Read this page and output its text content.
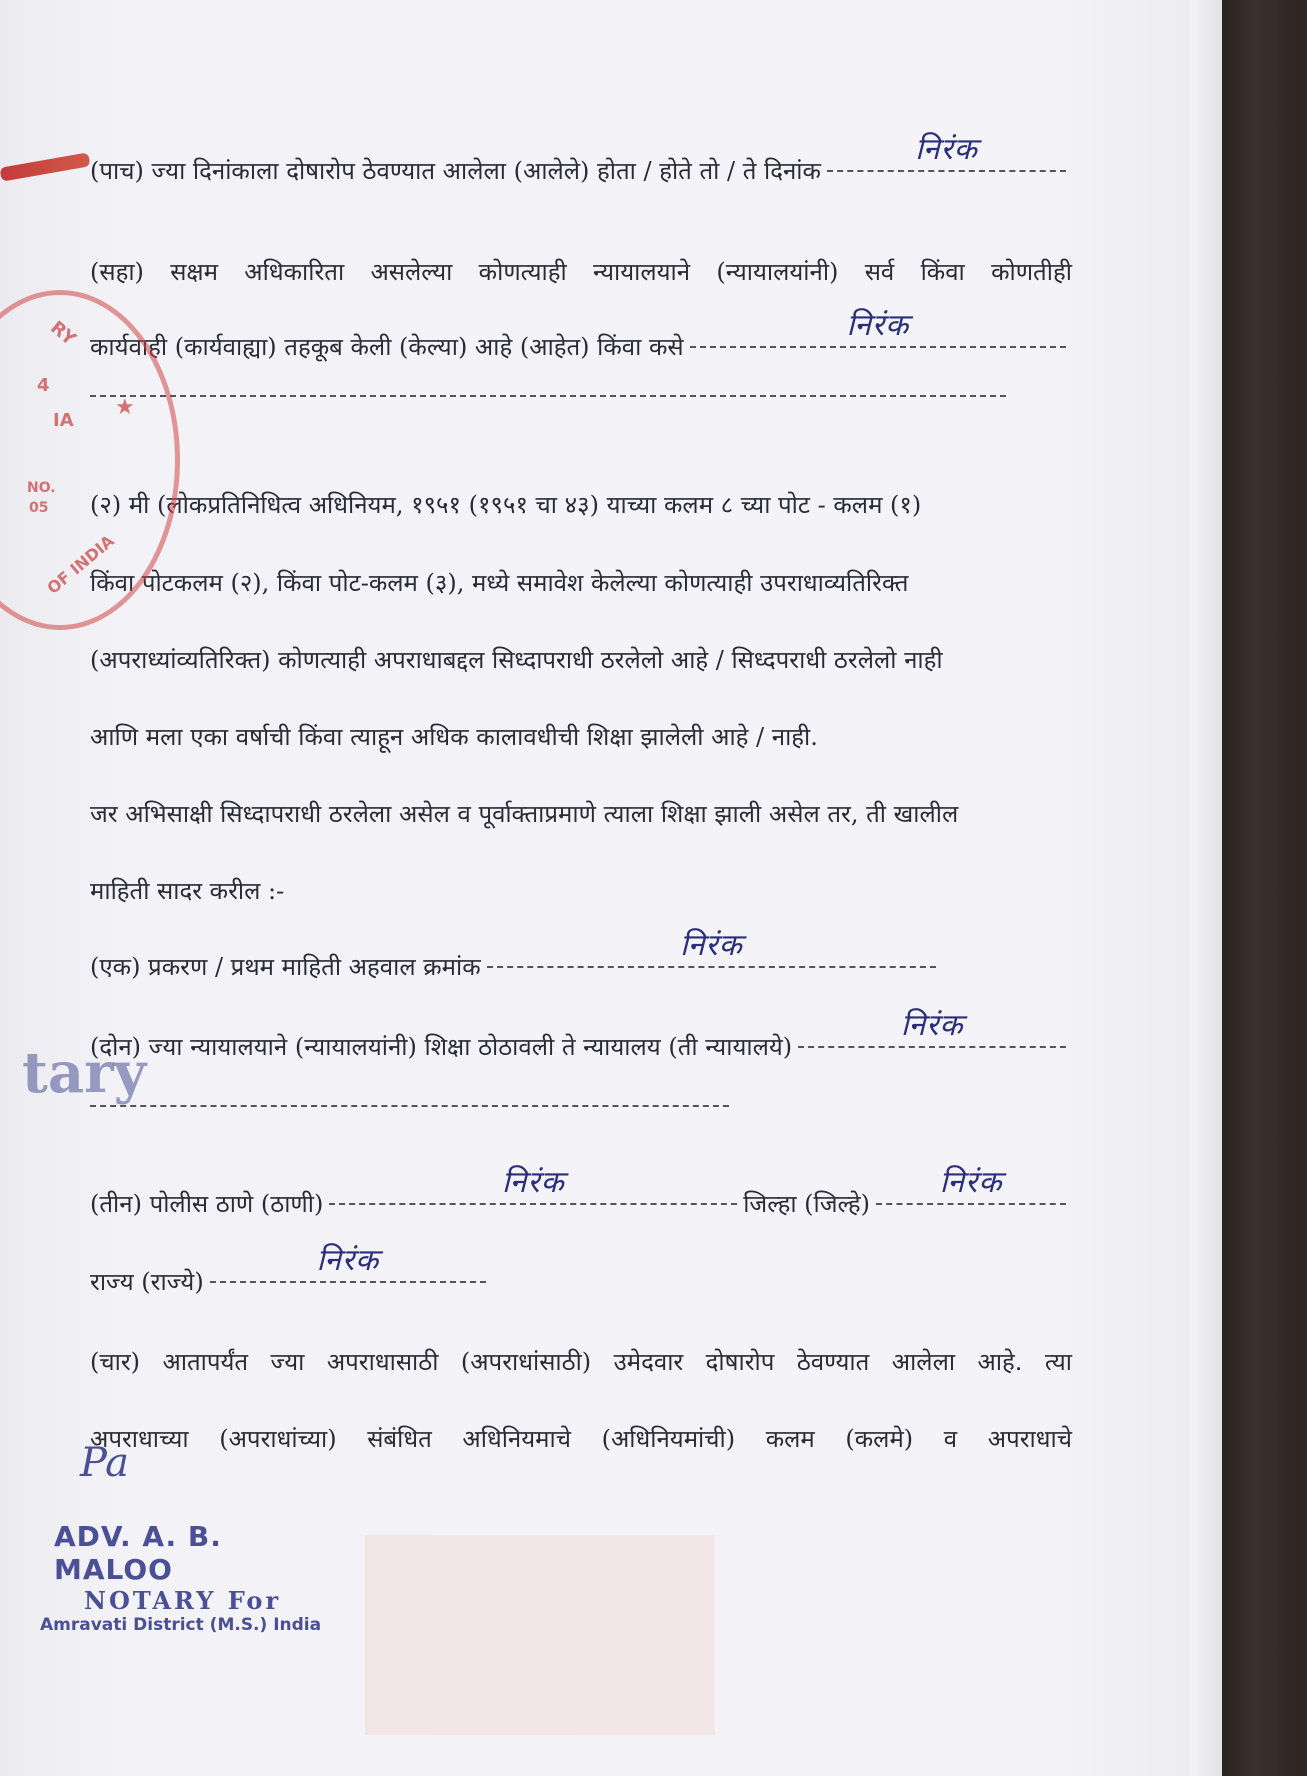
(पाच) ज्या दिनांकाला दोषारोप ठेवण्यात आलेला (आलेले) होता / होते तो / ते दिनांक
निरंक
(सहा) सक्षम अधिकारिता असलेल्या कोणत्याही न्यायालयाने (न्यायालयांनी) सर्व किंवा कोणतीही
कार्यवाही (कार्यवाह्या) तहकूब केली (केल्या) आहे (आहेत) किंवा कसे
निरंक
(२) मी (लोकप्रतिनिधित्व अधिनियम, १९५१ (१९५१ चा ४३) याच्या कलम ८ च्या पोट - कलम (१)
किंवा पोटकलम (२), किंवा पोट-कलम (३), मध्ये समावेश केलेल्या कोणत्याही उपराधाव्यतिरिक्त
(अपराध्यांव्यतिरिक्त) कोणत्याही अपराधाबद्दल सिध्दापराधी ठरलेलो आहे / सिध्दपराधी ठरलेलो नाही
आणि मला एका वर्षाची किंवा त्याहून अधिक कालावधीची शिक्षा झालेली आहे / नाही.
जर अभिसाक्षी सिध्दापराधी ठरलेला असेल व पूर्वाक्ताप्रमाणे त्याला शिक्षा झाली असेल तर, ती खालील
माहिती सादर करील :-
(एक) प्रकरण / प्रथम माहिती अहवाल क्रमांक
निरंक
(दोन) ज्या न्यायालयाने (न्यायालयांनी) शिक्षा ठोठावली ते न्यायालय (ती न्यायालये)
निरंक
(तीन) पोलीस ठाणे (ठाणी)
निरंक
जिल्हा (जिल्हे)
निरंक
राज्य (राज्ये)
निरंक
(चार) आतापर्यंत ज्या अपराधासाठी (अपराधांसाठी) उमेदवार दोषारोप ठेवण्यात आलेला आहे. त्या
अपराधाच्या (अपराधांच्या) संबंधित अधिनियमाचे (अधिनियमांची) कलम (कलमे) व अपराधाचे
RY
4
IA
NO.
05
OF INDIA
★
tary
Pa
ADV. A. B. MALOO
NOTARY For
Amravati District (M.S.) India
